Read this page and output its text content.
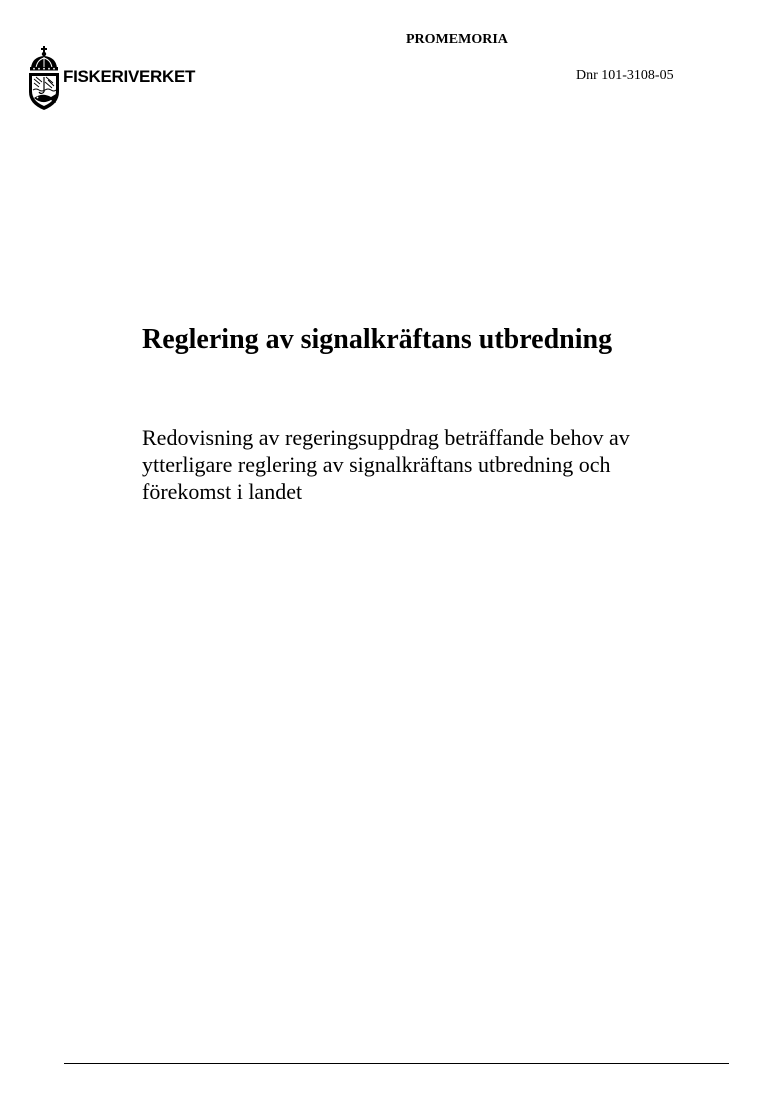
FISKERIVERKET
PROMEMORIA
Dnr 101-3108-05
Reglering av signalkräftans utbredning

Redovisning av regeringsuppdrag beträffande behov av
ytterligare reglering av signalkräftans utbredning och
förekomst i landet
